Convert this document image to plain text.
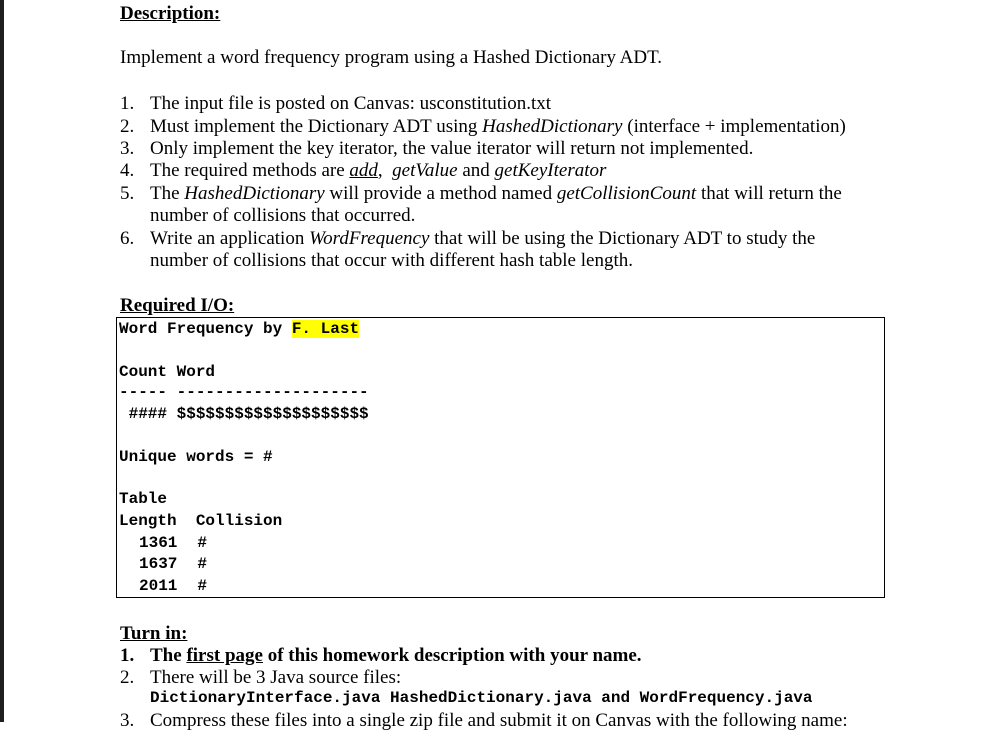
Description:
Implement a word frequency program using a Hashed Dictionary ADT.
1. The input file is posted on Canvas: usconstitution.txt
2. Must implement the Dictionary ADT using HashedDictionary (interface + implementation)
3. Only implement the key iterator, the value iterator will return not implemented.
4. The required methods are add,  getValue and getKeyIterator
5. The HashedDictionary will provide a method named getCollisionCount that will return the
number of collisions that occurred.
6. Write an application WordFrequency that will be using the Dictionary ADT to study the
number of collisions that occur with different hash table length.
Required I/O:
Word Frequency by F. Last
Count Word
----- --------------------
#### $$$$$$$$$$$$$$$$$$$$
Unique words = #
Table
Length  Collision
1361 #
1637 #
2011 #
Turn in:
1. The first page of this homework description with your name.
2. There will be 3 Java source files:
DictionaryInterface.java HashedDictionary.java and WordFrequency.java
3. Compress these files into a single zip file and submit it on Canvas with the following name:
